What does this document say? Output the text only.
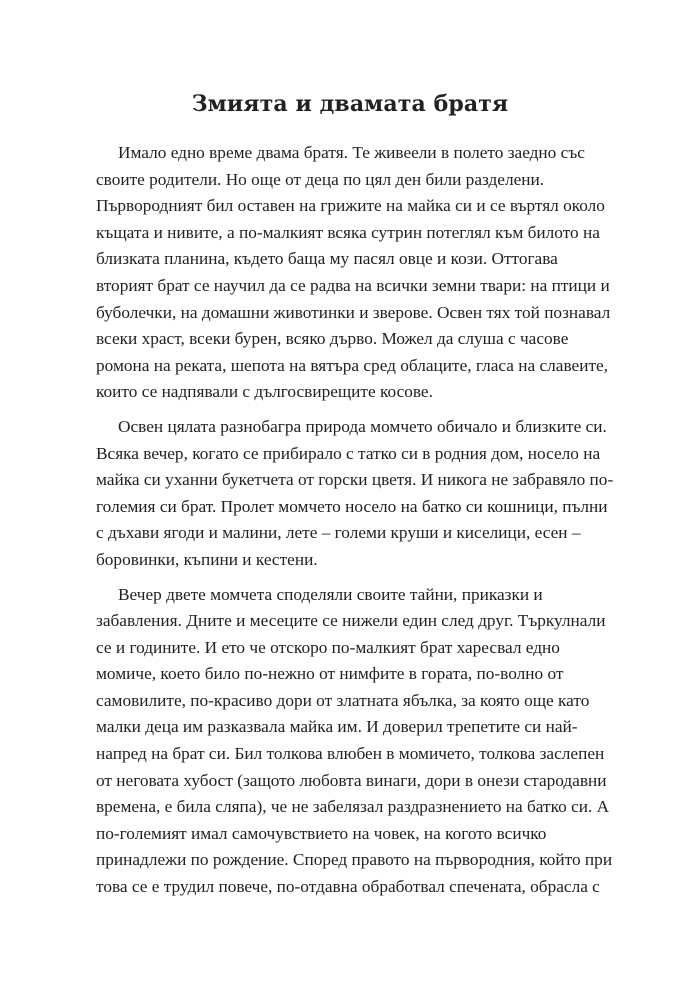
Змията и двамата братя
Имало едно време двама братя. Те живеели в полето заедно със
своите родители. Но още от деца по цял ден били разделени.
Първородният бил оставен на грижите на майка си и се въртял около
къщата и нивите, а по-малкият всяка сутрин потеглял към билото на
близката планина, където баща му пасял овце и кози. Оттогава
вторият брат се научил да се радва на всички земни твари: на птици и
буболечки, на домашни животинки и зверове. Освен тях той познавал
всеки храст, всеки бурен, всяко дърво. Можел да слуша с часове
ромона на реката, шепота на вятъра сред облаците, гласа на славеите,
които се надпявали с дългосвирещите косове.
Освен цялата разнобагра природа момчето обичало и близките си.
Всяка вечер, когато се прибирало с татко си в родния дом, носело на
майка си уханни букетчета от горски цветя. И никога не забравяло по-
големия си брат. Пролет момчето носело на батко си кошници, пълни
с дъхави ягоди и малини, лете – големи круши и киселици, есен –
боровинки, къпини и кестени.
Вечер двете момчета споделяли своите тайни, приказки и
забавления. Дните и месеците се нижели един след друг. Търкулнали
се и годините. И ето че отскоро по-малкият брат харесвал едно
момиче, което било по-нежно от нимфите в гората, по-волно от
самовилите, по-красиво дори от златната ябълка, за която още като
малки деца им разказвала майка им. И доверил трепетите си най-
напред на брат си. Бил толкова влюбен в момичето, толкова заслепен
от неговата хубост (защото любовта винаги, дори в онези стародавни
времена, е била сляпа), че не забелязал раздразнението на батко си. А
по-големият имал самочувствието на човек, на когото всичко
принадлежи по рождение. Според правото на първородния, който при
това се е трудил повече, по-отдавна обработвал спечената, обрасла с
